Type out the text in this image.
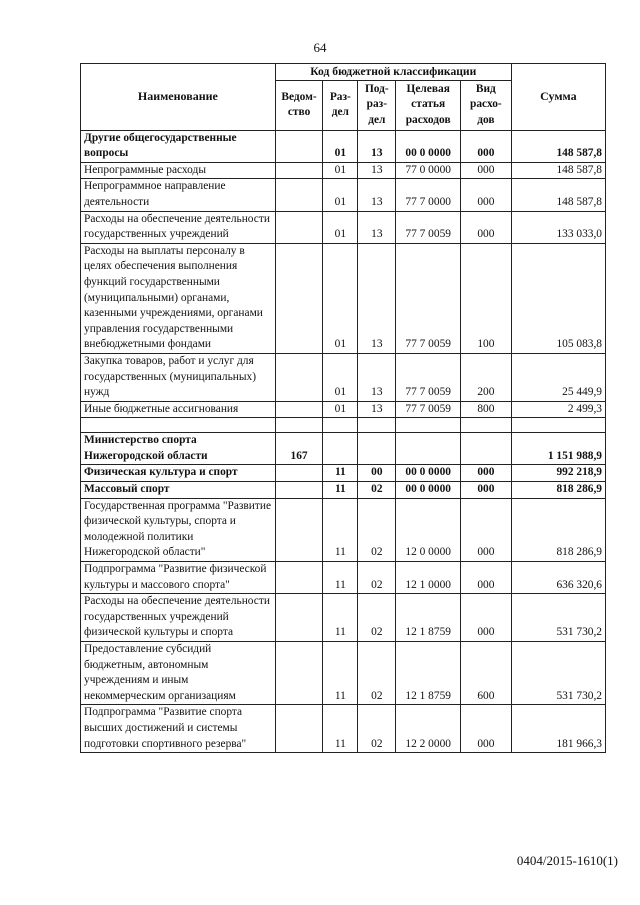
64
Наименование	Код бюджетной классификации					Сумма
	Ведом-ство	Раз-дел	Под-раз-дел	Целевая статья расходов	Вид расхо-дов	
Другие общегосударственные вопросы		01	13	00 0 0000	000	148 587,8
Непрограммные расходы		01	13	77 0 0000	000	148 587,8
Непрограммное направление деятельности		01	13	77 7 0000	000	148 587,8
Расходы на обеспечение деятельности государственных учреждений		01	13	77 7 0059	000	133 033,0
Расходы на выплаты персоналу в целях обеспечения выполнения функций государственными (муниципальными) органами, казенными учреждениями, органами управления государственными внебюджетными фондами		01	13	77 7 0059	100	105 083,8
Закупка товаров, работ и услуг для государственных (муниципальных) нужд		01	13	77 7 0059	200	25 449,9
Иные бюджетные ассигнования		01	13	77 7 0059	800	2 499,3

Министерство спорта Нижегородской области	167					1 151 988,9
Физическая культура и спорт		11	00	00 0 0000	000	992 218,9
Массовый спорт		11	02	00 0 0000	000	818 286,9
Государственная программа "Развитие физической культуры, спорта и молодежной политики Нижегородской области"		11	02	12 0 0000	000	818 286,9
Подпрограмма "Развитие физической культуры и массового спорта"		11	02	12 1 0000	000	636 320,6
Расходы на обеспечение деятельности государственных учреждений физической культуры и спорта		11	02	12 1 8759	000	531 730,2
Предоставление субсидий бюджетным, автономным учреждениям и иным некоммерческим организациям		11	02	12 1 8759	600	531 730,2
Подпрограмма "Развитие спорта высших достижений и системы подготовки спортивного резерва"		11	02	12 2 0000	000	181 966,3
0404/2015-1610(1)
